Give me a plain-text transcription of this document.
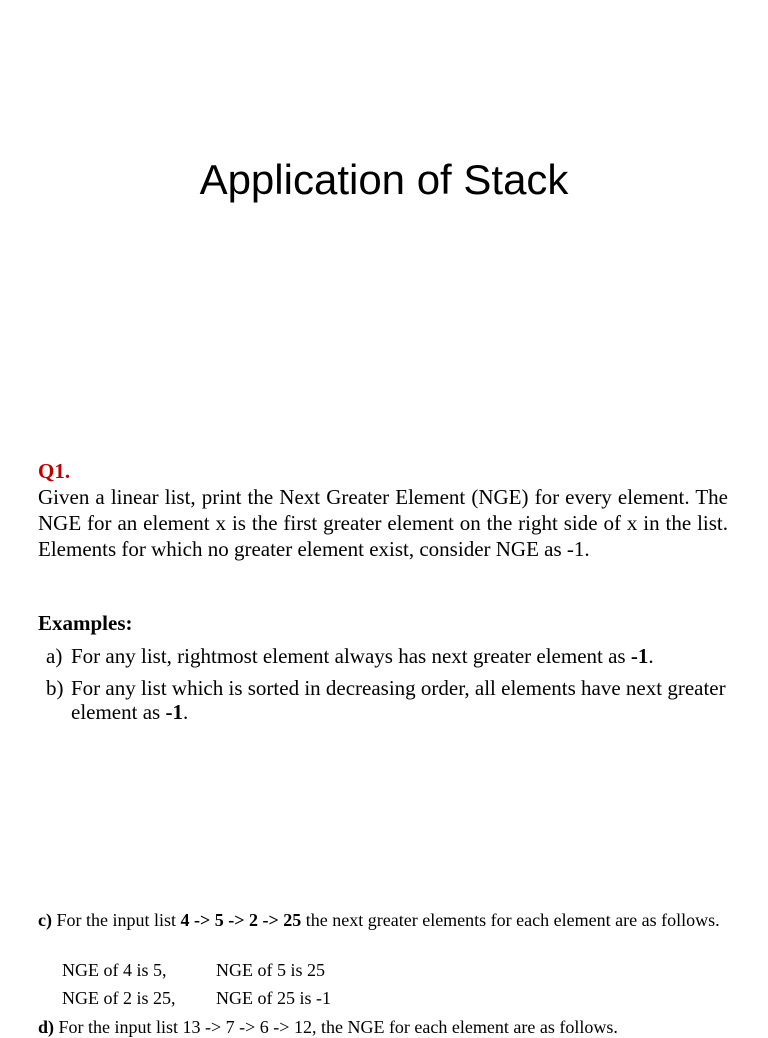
Application of Stack
Q1.

Given a linear list, print the Next Greater Element (NGE) for every element. The NGE for an element x is the first greater element on the right side of x in the list. Elements for which no greater element exist, consider NGE as -1.

Examples:
a) For any list, rightmost element always has next greater element as -1.
b) For any list which is sorted in decreasing order, all elements have next greater element as -1.
c) For the input list 4 -> 5 -> 2 -> 25 the next greater elements for each element are as follows.
NGE of 4 is 5,	NGE of 5 is 25
NGE of 2 is 25,	NGE of 25 is -1
d) For the input list 13 -> 7 -> 6 -> 12, the NGE for each element are as follows.
